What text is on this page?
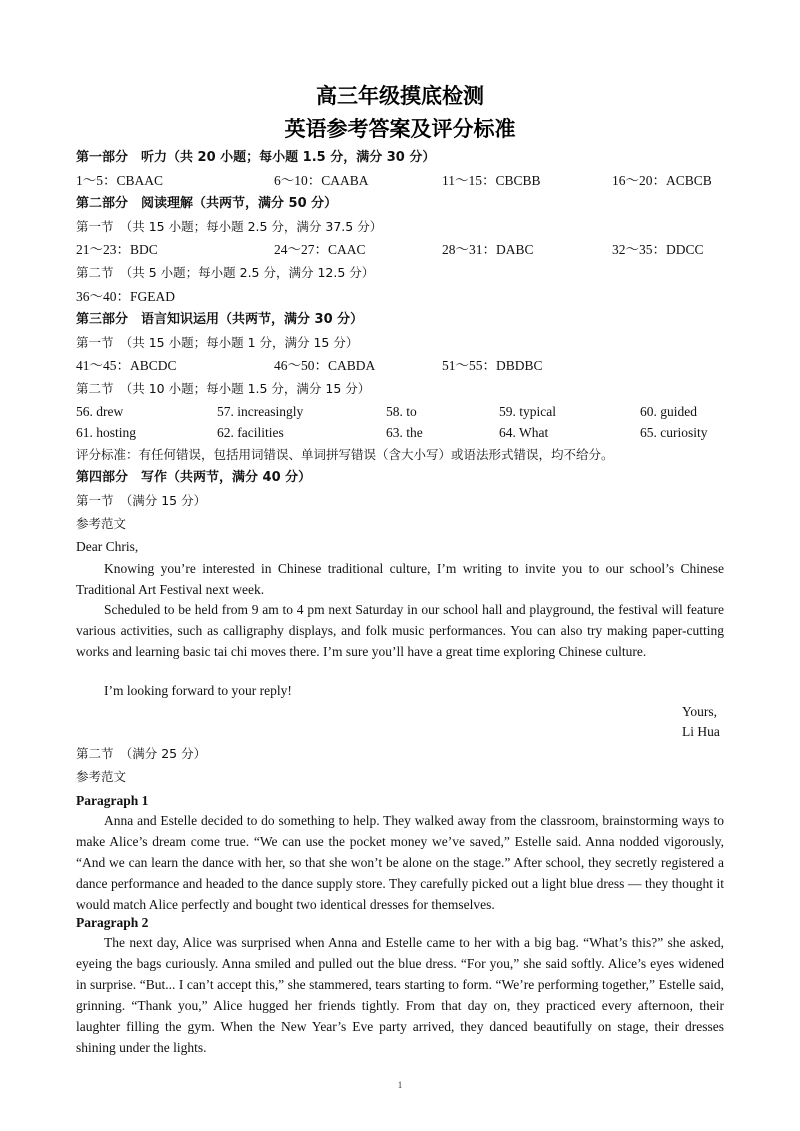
高三年级摸底检测
英语参考答案及评分标准
第一部分　听力（共 20 小题；每小题 1.5 分，满分 30 分）
1～5：CBAAC	6～10：CAABA	11～15：CBCBB	16～20：ACBCB
第二部分　阅读理解（共两节，满分 50 分）
第一节　（共 15 小题；每小题 2.5 分，满分 37.5 分）
21～23：BDC	24～27：CAAC	28～31：DABC	32～35：DDCC
第二节　（共 5 小题；每小题 2.5 分，满分 12.5 分）
36～40：FGEAD
第三部分　语言知识运用（共两节，满分 30 分）
第一节　（共 15 小题；每小题 1 分，满分 15 分）
41～45：ABCDC	46～50：CABDA	51～55：DBDBC
第二节　（共 10 小题；每小题 1.5 分，满分 15 分）
56. drew	57. increasingly	58. to	59. typical	60. guided
61. hosting	62. facilities	63. the	64. What	65. curiosity
评分标准：有任何错误，包括用词错误、单词拼写错误（含大小写）或语法形式错误，均不给分。
第四部分　写作（共两节，满分 40 分）
第一节　（满分 15 分）
参考范文
Dear Chris,

Knowing you’re interested in Chinese traditional culture, I’m writing to invite you to our school’s Chinese Traditional Art Festival next week.

Scheduled to be held from 9 am to 4 pm next Saturday in our school hall and playground, the festival will feature various activities, such as calligraphy displays, and folk music performances. You can also try making paper-cutting works and learning basic tai chi moves there. I’m sure you’ll have a great time exploring Chinese culture.

I’m looking forward to your reply!

Yours,
Li Hua
第二节　（满分 25 分）
参考范文
Paragraph 1

Anna and Estelle decided to do something to help. They walked away from the classroom, brainstorming ways to make Alice’s dream come true. “We can use the pocket money we’ve saved,” Estelle said. Anna nodded vigorously, “And we can learn the dance with her, so that she won’t be alone on the stage.” After school, they secretly registered a dance performance and headed to the dance supply store. They carefully picked out a light blue dress — they thought it would match Alice perfectly and bought two identical dresses for themselves.

Paragraph 2

The next day, Alice was surprised when Anna and Estelle came to her with a big bag. “What’s this?” she asked, eyeing the bags curiously. Anna smiled and pulled out the blue dress. “For you,” she said softly. Alice’s eyes widened in surprise. “But... I can’t accept this,” she stammered, tears starting to form. “We’re performing together,” Estelle said, grinning. “Thank you,” Alice hugged her friends tightly. From that day on, they practiced every afternoon, their laughter filling the gym. When the New Year’s Eve party arrived, they danced beautifully on stage, their dresses shining under the lights.

1
